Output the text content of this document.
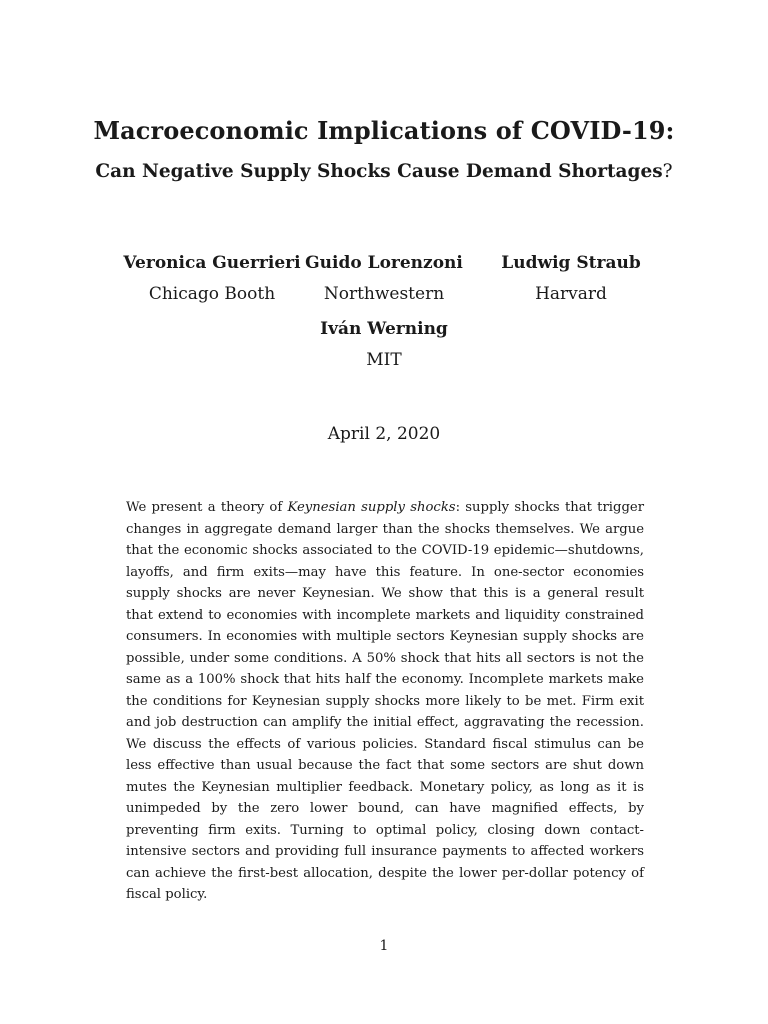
Macroeconomic Implications of COVID-19:
Can Negative Supply Shocks Cause Demand Shortages?
Veronica Guerrieri
Chicago Booth
Guido Lorenzoni
Northwestern
Ludwig Straub
Harvard
Iván Werning
MIT
April 2, 2020
We present a theory of Keynesian supply shocks: supply shocks that trigger changes in aggregate demand larger than the shocks themselves. We argue that the economic shocks associated to the COVID-19 epidemic—shutdowns, layoffs, and firm exits—may have this feature. In one-sector economies supply shocks are never Keynesian. We show that this is a general result that extend to economies with incomplete markets and liquidity constrained consumers. In economies with multiple sectors Keynesian supply shocks are possible, under some conditions. A 50% shock that hits all sectors is not the same as a 100% shock that hits half the economy. Incomplete markets make the conditions for Keynesian supply shocks more likely to be met. Firm exit and job destruction can amplify the initial effect, aggravating the recession. We discuss the effects of various policies. Standard fiscal stimulus can be less effective than usual because the fact that some sectors are shut down mutes the Keynesian multiplier feedback. Monetary policy, as long as it is unimpeded by the zero lower bound, can have magnified effects, by preventing firm exits. Turning to optimal policy, closing down contact-intensive sectors and providing full insurance payments to affected workers can achieve the first-best allocation, despite the lower per-dollar potency of fiscal policy.
1
